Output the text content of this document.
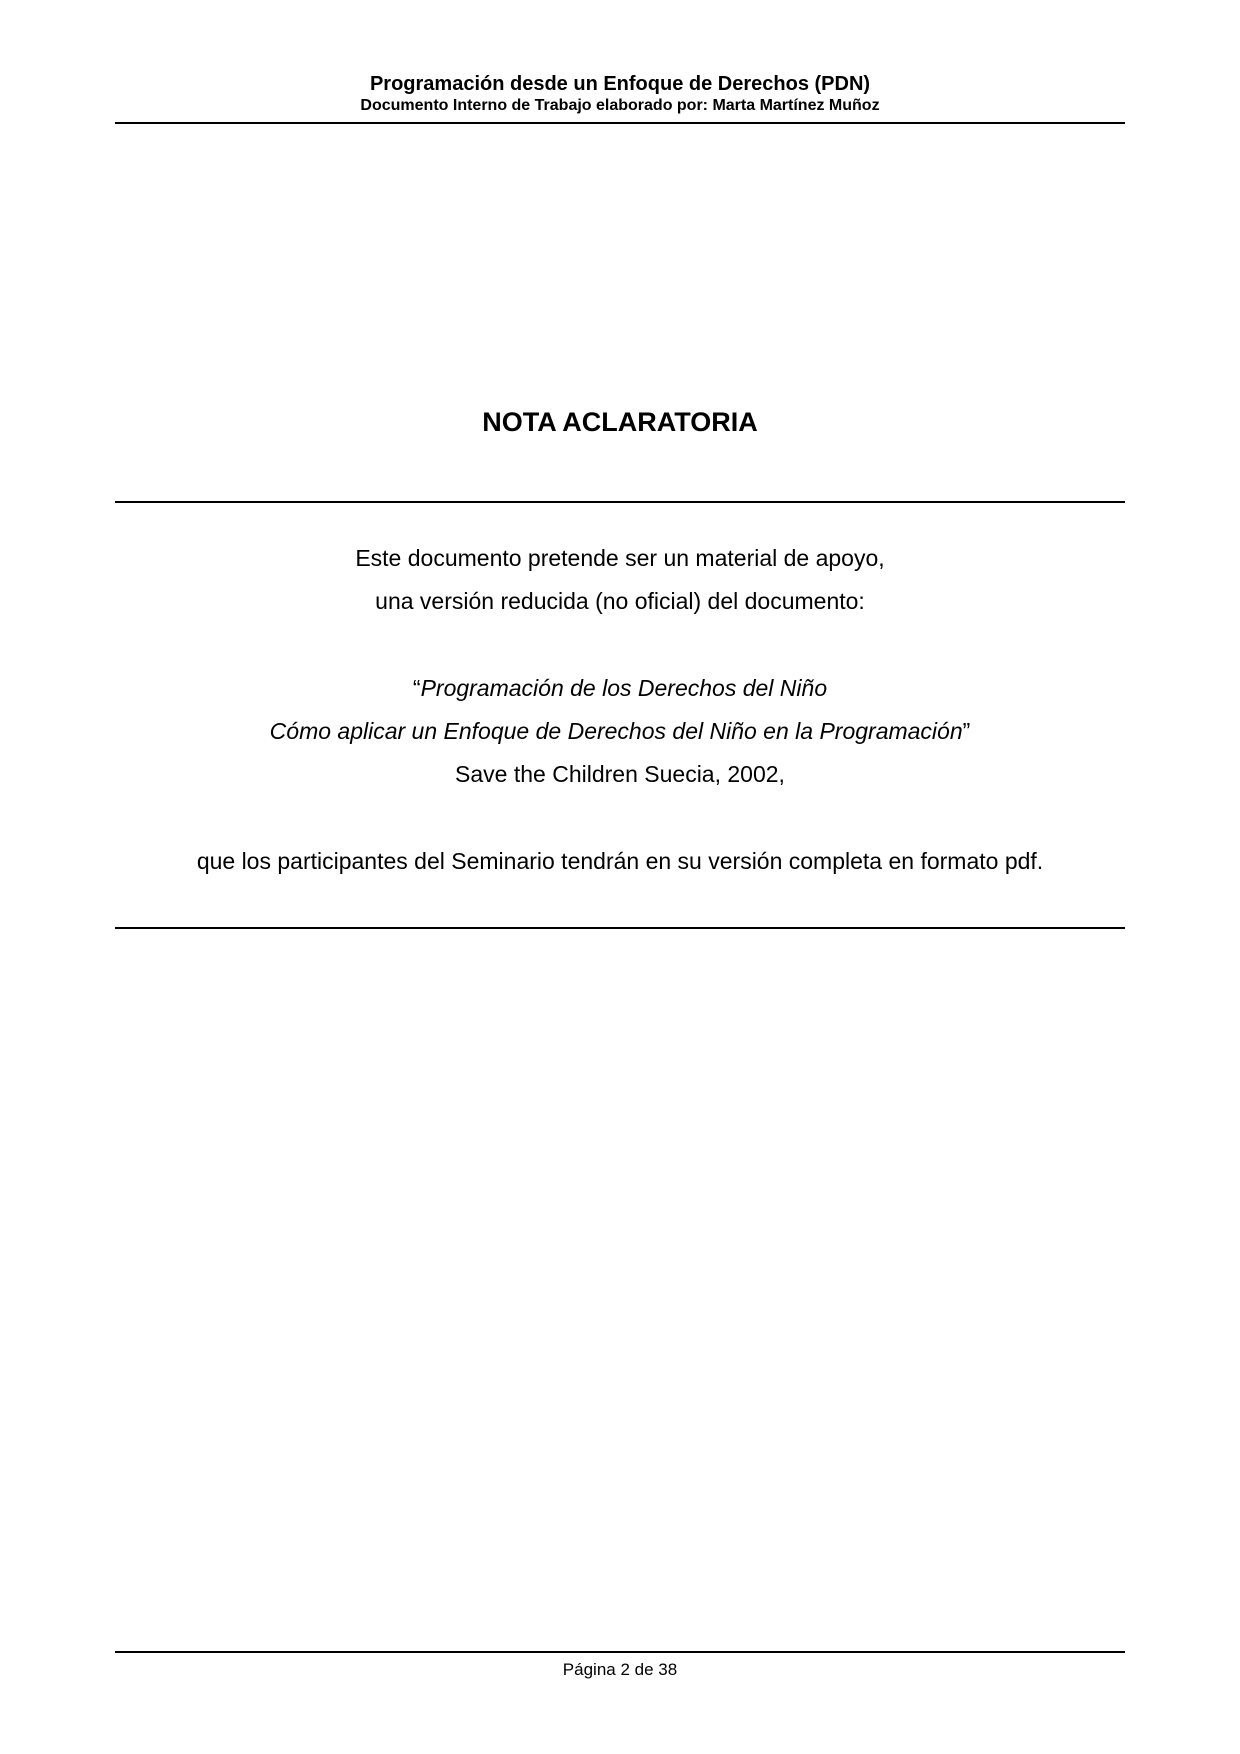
Programación desde un Enfoque de Derechos (PDN)
Documento Interno de Trabajo elaborado por: Marta Martínez Muñoz
NOTA ACLARATORIA
Este documento pretende ser un material de apoyo,
una versión reducida (no oficial) del documento:
“Programación de los Derechos del Niño
Cómo aplicar un Enfoque de Derechos del Niño en la Programación”
Save the Children Suecia, 2002,
que los participantes del Seminario tendrán en su versión completa en formato pdf.
Página 2 de 38
